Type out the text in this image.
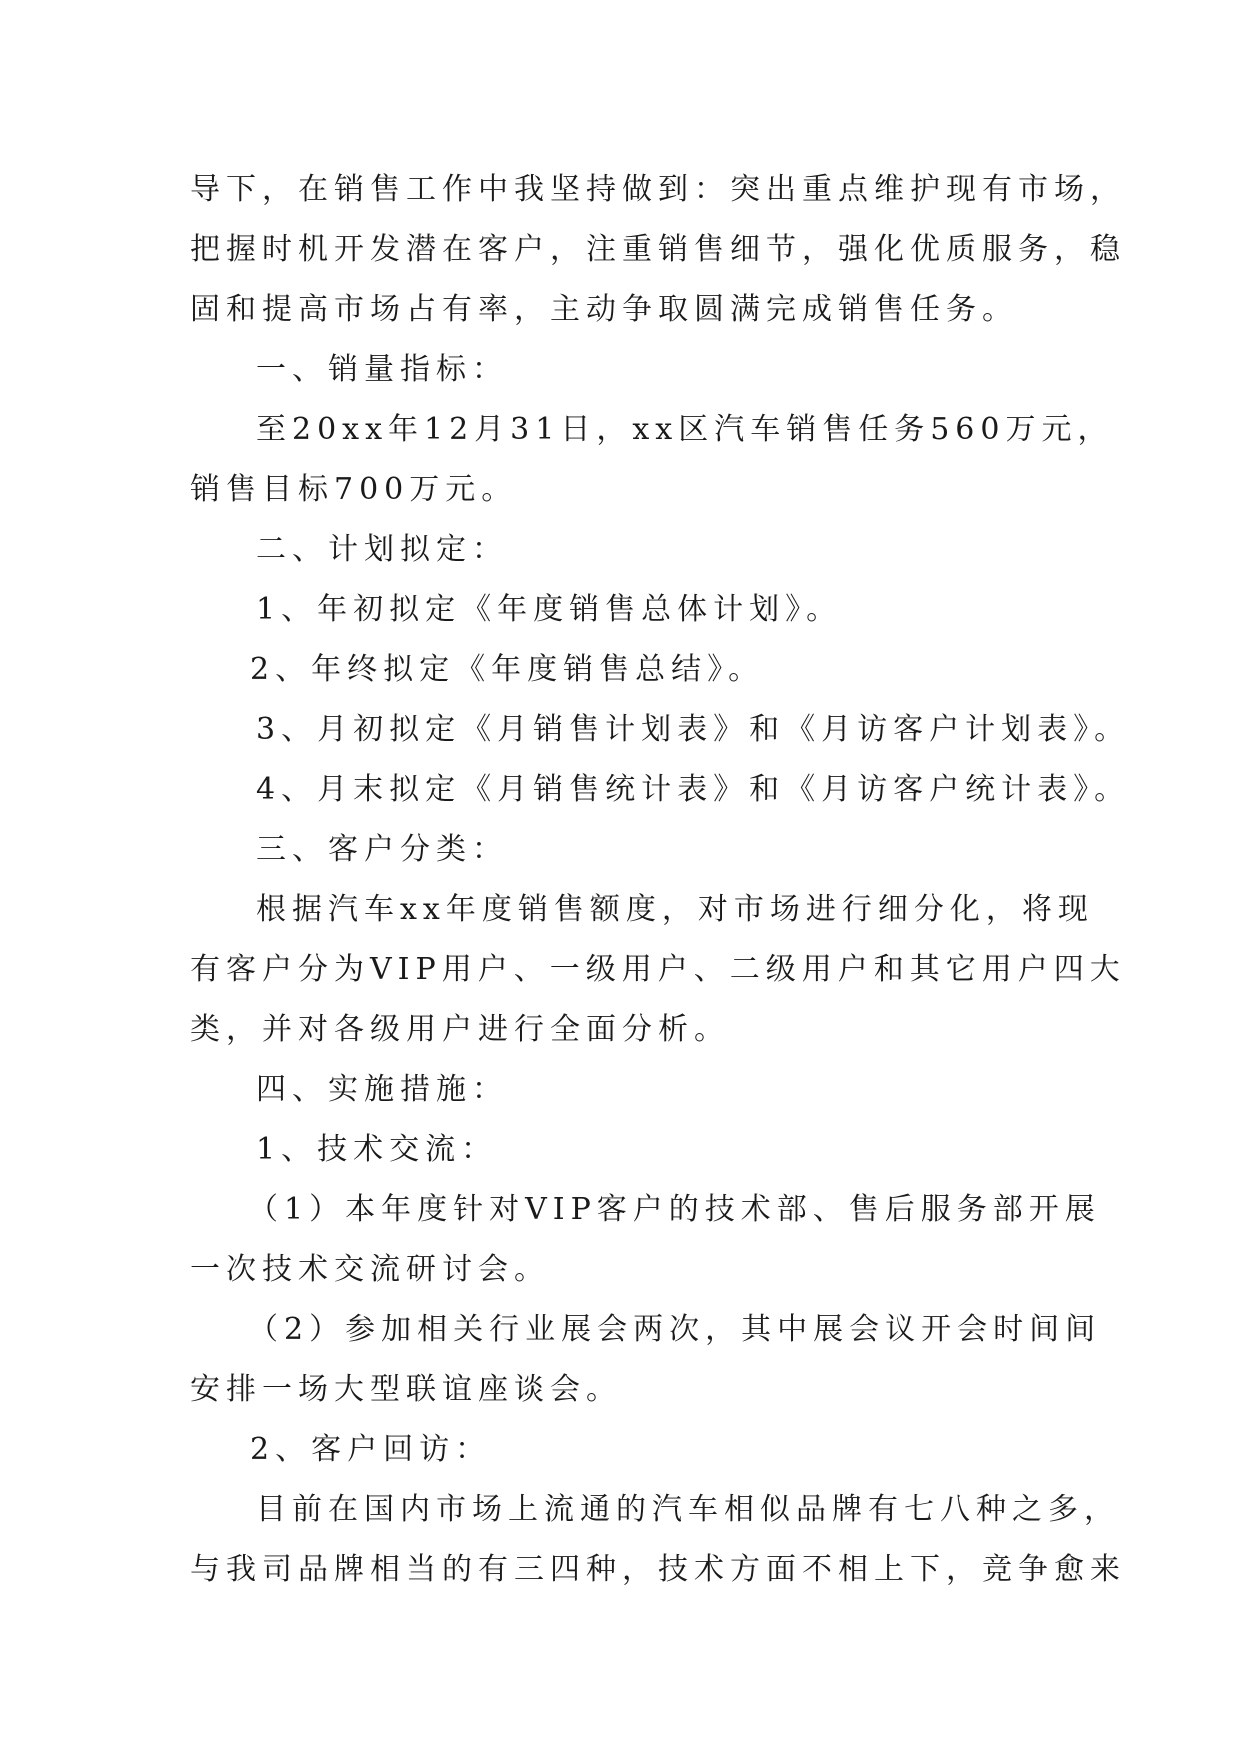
导下，在销售工作中我坚持做到：突出重点维护现有市场，
把握时机开发潜在客户，注重销售细节，强化优质服务，稳
固和提高市场占有率，主动争取圆满完成销售任务。
一、销量指标：
至20xx年12月31日，xx区汽车销售任务560万元，
销售目标700万元。
二、计划拟定：
1、年初拟定《年度销售总体计划》。
2、年终拟定《年度销售总结》。
3、月初拟定《月销售计划表》和《月访客户计划表》。
4、月末拟定《月销售统计表》和《月访客户统计表》。
三、客户分类：
根据汽车xx年度销售额度，对市场进行细分化，将现
有客户分为VIP用户、一级用户、二级用户和其它用户四大
类，并对各级用户进行全面分析。
四、实施措施：
1、技术交流：
（1）本年度针对VIP客户的技术部、售后服务部开展
一次技术交流研讨会。
（2）参加相关行业展会两次，其中展会议开会时间间
安排一场大型联谊座谈会。
2、客户回访：
目前在国内市场上流通的汽车相似品牌有七八种之多，
与我司品牌相当的有三四种，技术方面不相上下，竞争愈来
